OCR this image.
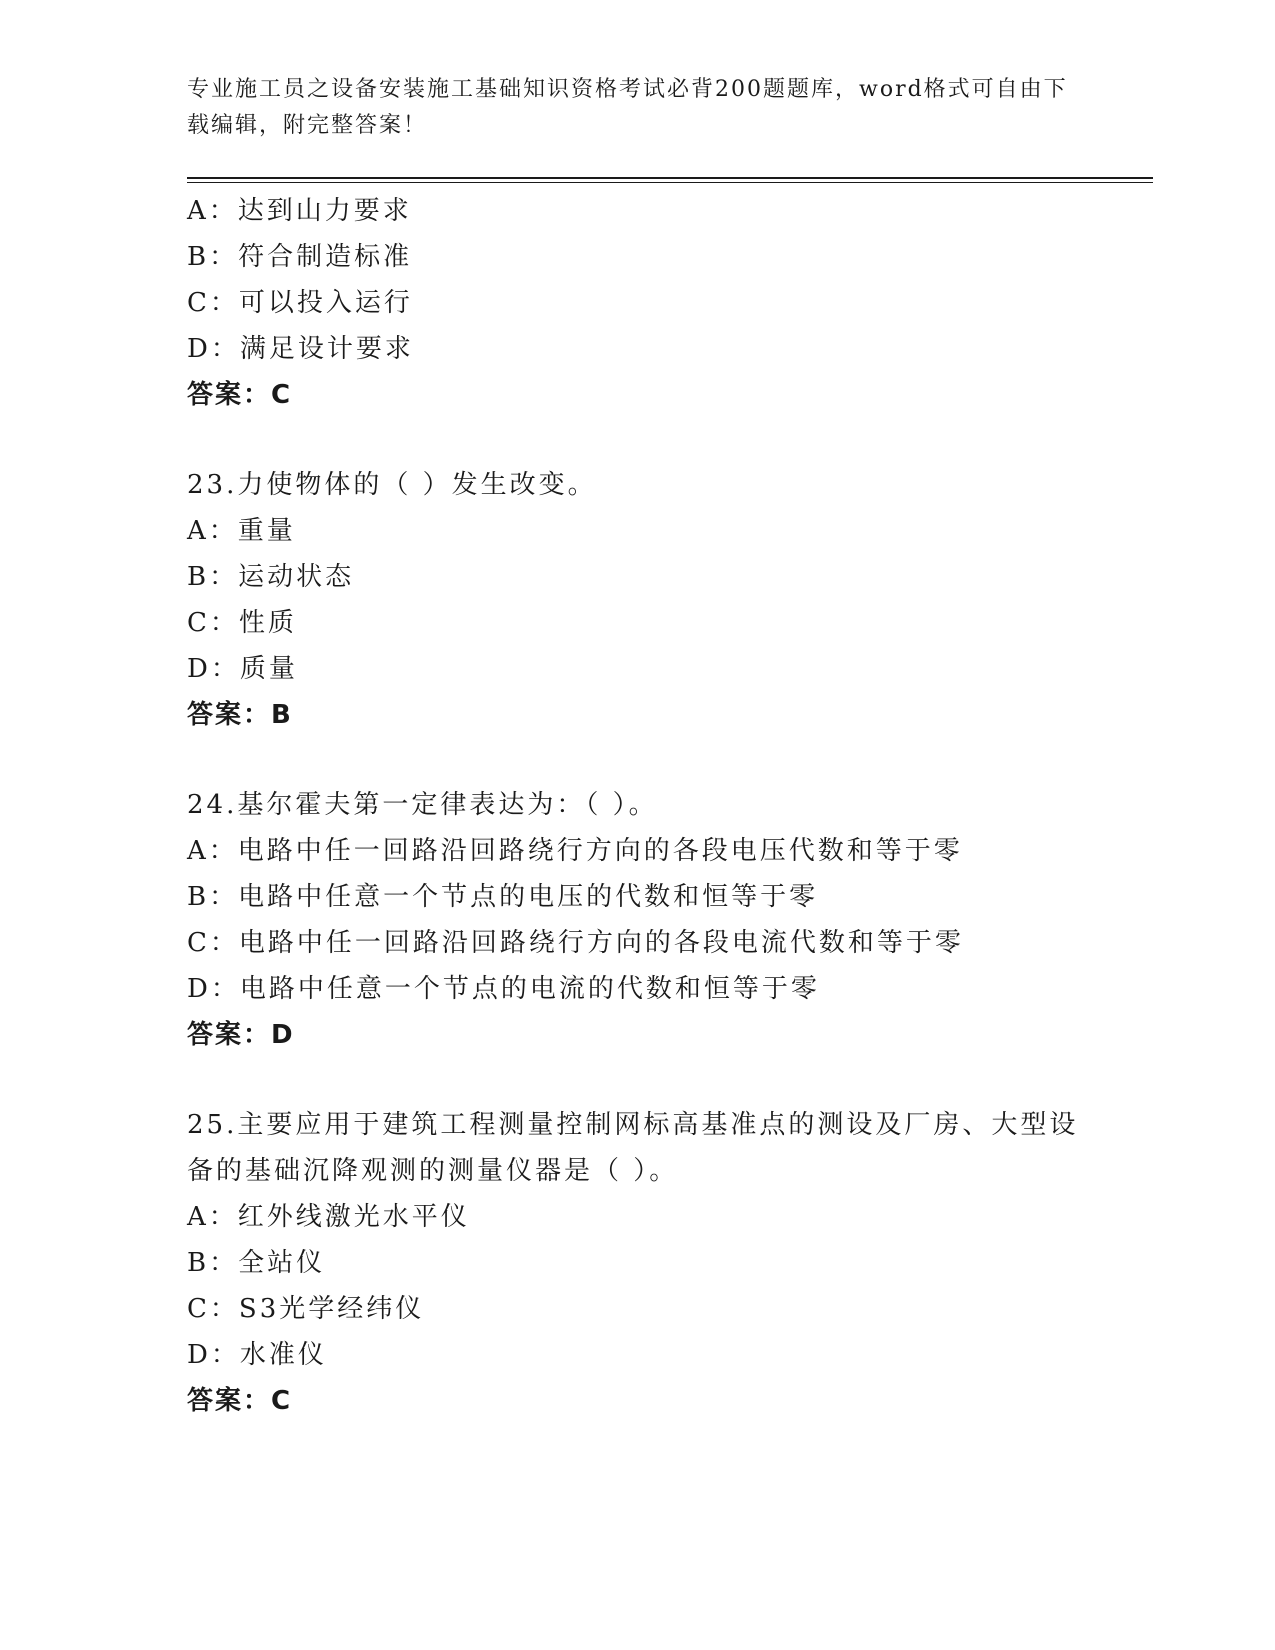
专业施工员之设备安装施工基础知识资格考试必背200题题库，word格式可自由下载编辑，附完整答案！
A：达到山力要求
B：符合制造标准
C：可以投入运行
D：满足设计要求
答案：C
23.力使物体的（ ）发生改变。
A：重量
B：运动状态
C：性质
D：质量
答案：B
24.基尔霍夫第一定律表达为：（ ）。
A：电路中任一回路沿回路绕行方向的各段电压代数和等于零
B：电路中任意一个节点的电压的代数和恒等于零
C：电路中任一回路沿回路绕行方向的各段电流代数和等于零
D：电路中任意一个节点的电流的代数和恒等于零
答案：D
25.主要应用于建筑工程测量控制网标高基准点的测设及厂房、大型设备的基础沉降观测的测量仪器是（ ）。
A：红外线激光水平仪
B：全站仪
C：S3光学经纬仪
D：水准仪
答案：C
